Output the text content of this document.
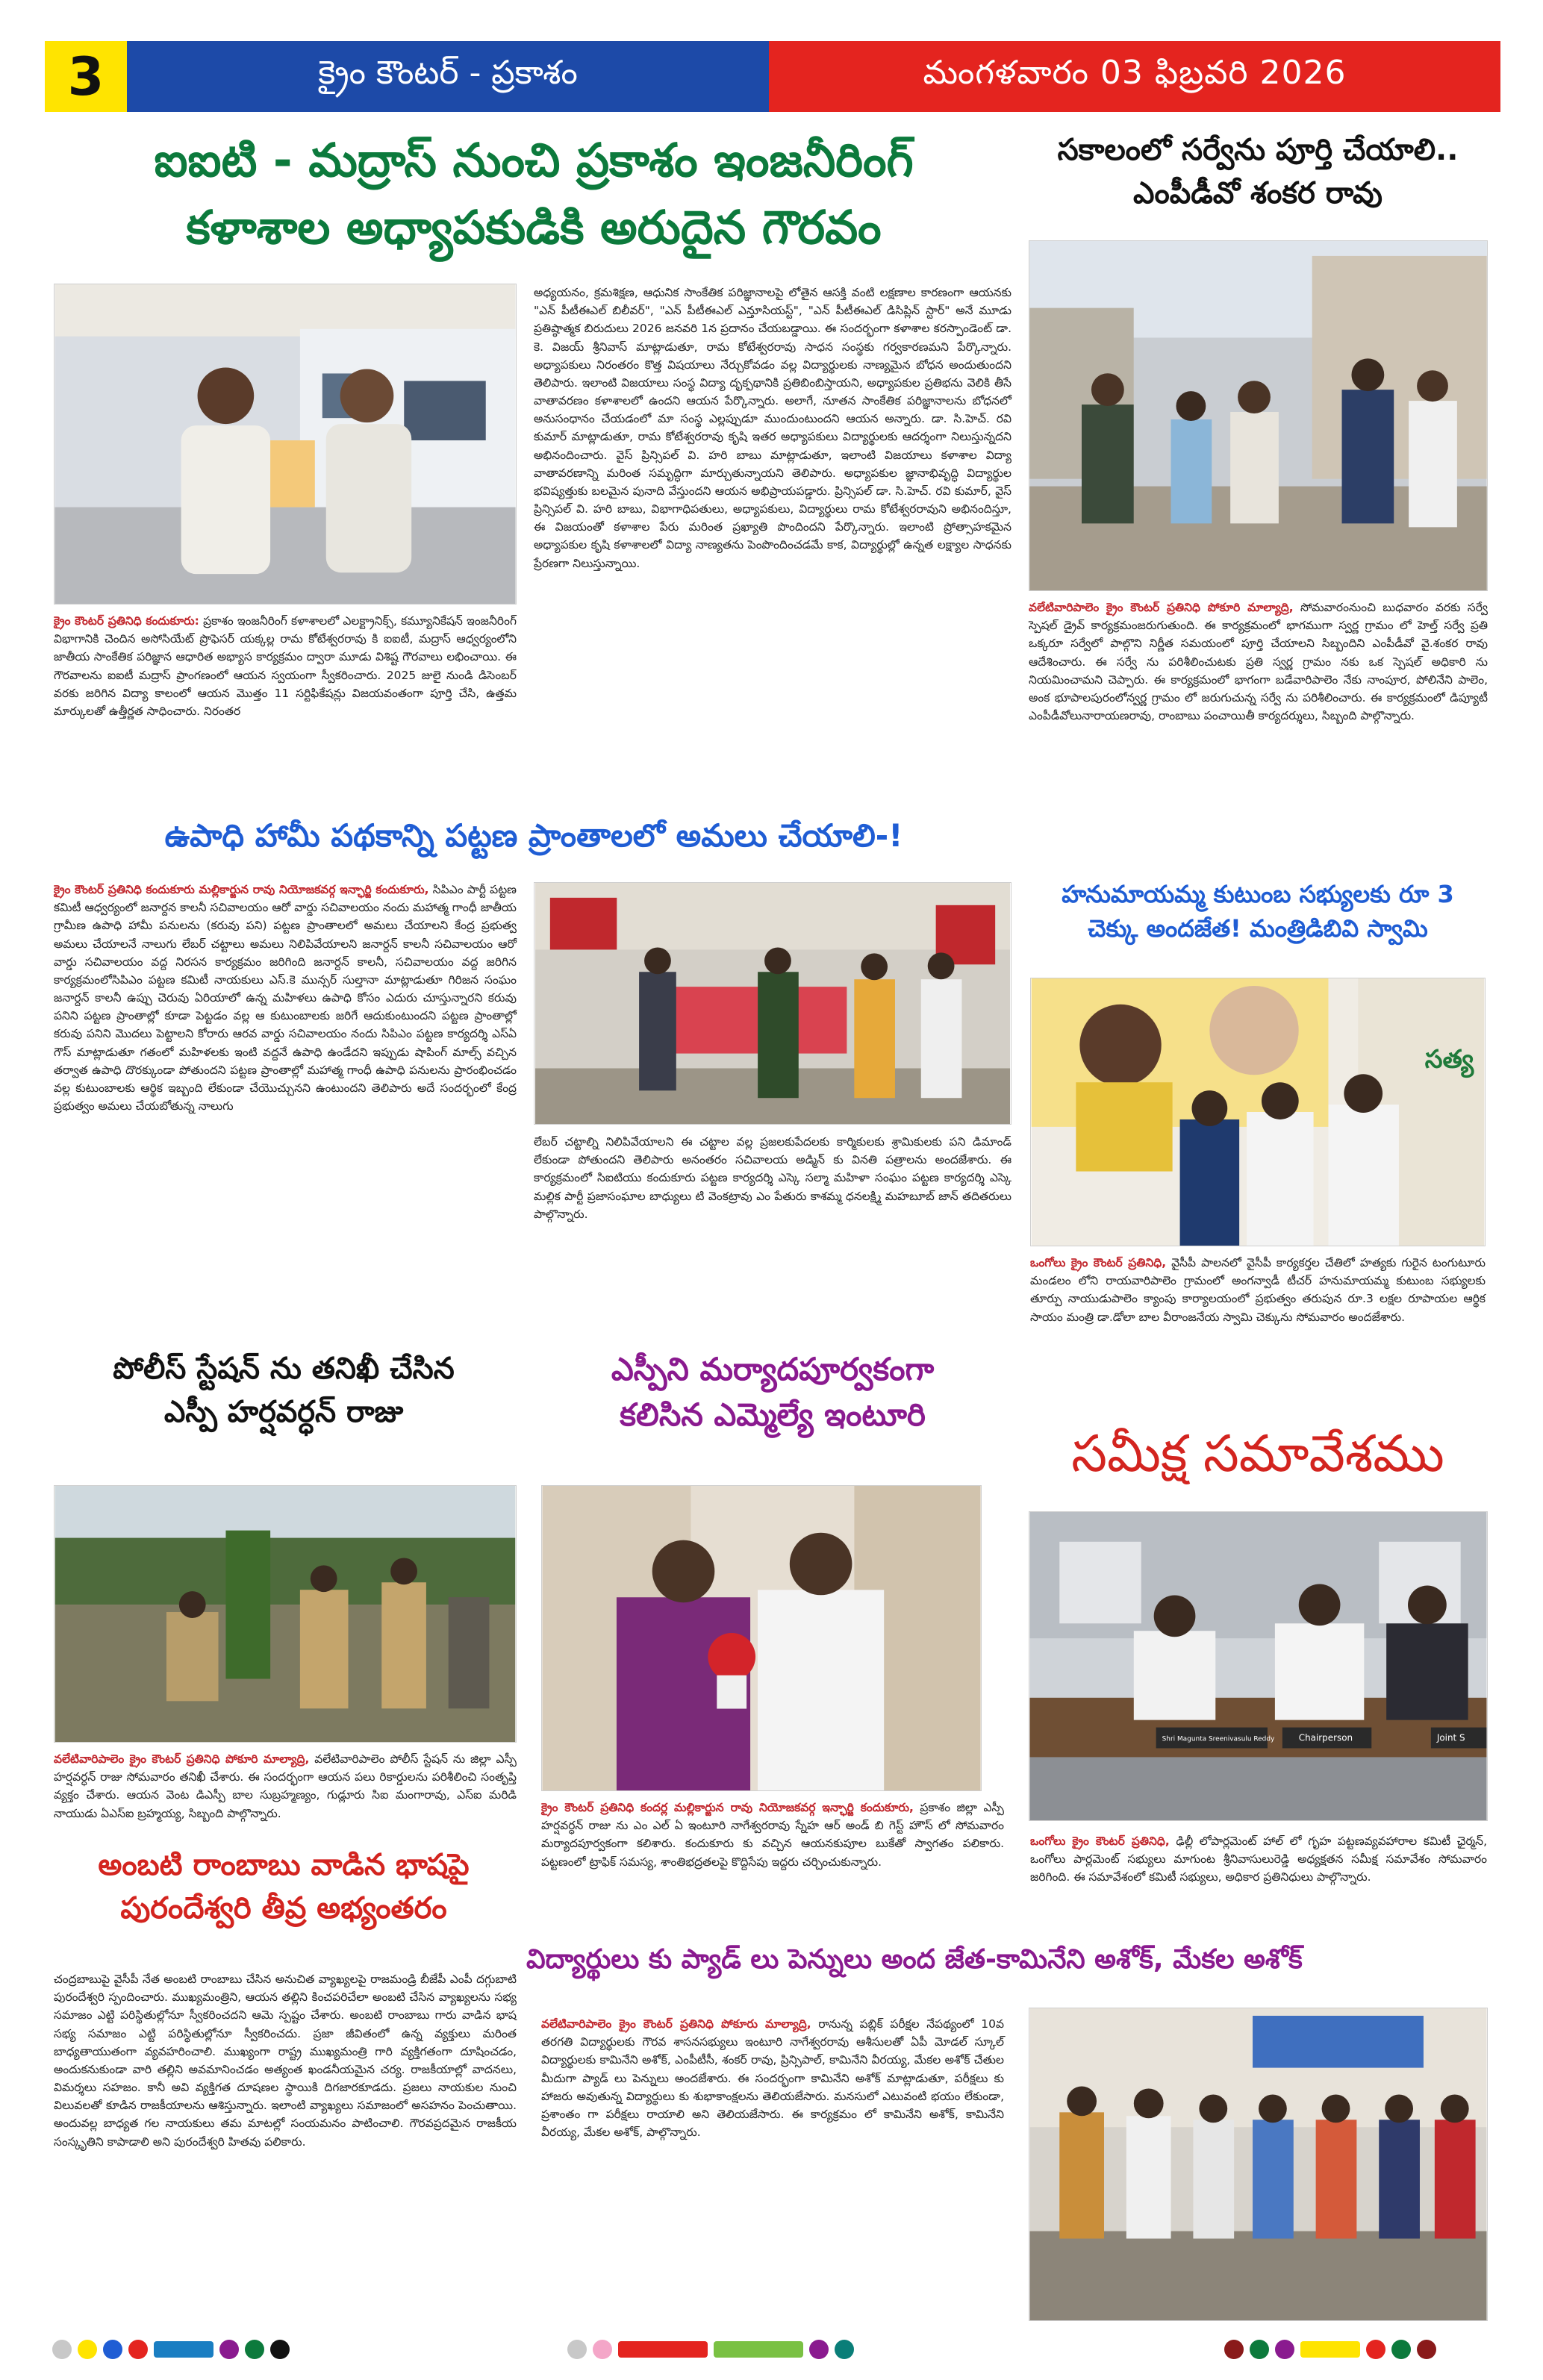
3	క్రైం కౌంటర్ - ప్రకాశం	మంగళవారం 03 ఫిబ్రవరి 2026
ఐఐటి - మద్రాస్ నుంచి ప్రకాశం ఇంజనీరింగ్
కళాశాల అధ్యాపకుడికి అరుదైన గౌరవం
క్రైం కౌంటర్ ప్రతినిధి కందుకూరు: ప్రకాశం ఇంజనీరింగ్ కళాశాలలో ఎలక్ట్రానిక్స్, కమ్యూనికేషన్ ఇంజనీరింగ్ విభాగానికి చెందిన అసోసియేట్ ప్రొఫెసర్ యక్కల్ల రామ కోటేశ్వరరావు కి ఐఐటీ, మద్రాస్ ఆధ్వర్యంలోని జాతీయ సాంకేతిక పరిజ్ఞాన ఆధారిత అభ్యాస కార్యక్రమం ద్వారా మూడు విశిష్ట గౌరవాలు లభించాయి. ఈ గౌరవాలను ఐఐటీ మద్రాస్ ప్రాంగణంలో ఆయన స్వయంగా స్వీకరించారు. 2025 జులై నుండి డిసెంబర్ వరకు జరిగిన విద్యా కాలంలో ఆయన మొత్తం 11 సర్టిఫికేషన్లు విజయవంతంగా పూర్తి చేసి, ఉత్తమ మార్కులతో ఉత్తీర్ణత సాధించారు. నిరంతర
అధ్యయనం, క్రమశిక్షణ, ఆధునిక సాంకేతిక పరిజ్ఞానాలపై లోతైన ఆసక్తి వంటి లక్షణాల కారణంగా ఆయనకు "ఎన్ పీటీఈఎల్ బిలీవర్", "ఎన్ పీటీఈఎల్ ఎన్తూసియస్ట్", "ఎన్ పీటీఈఎల్ డిసిప్లిన్ స్టార్" అనే మూడు ప్రతిష్ఠాత్మక బిరుదులు 2026 జనవరి 1న ప్రదానం చేయబడ్డాయి. ఈ సందర్భంగా కళాశాల కరస్పాండెంట్ డా. కె. విజయ్ శ్రీనివాస్ మాట్లాడుతూ, రామ కోటేశ్వరరావు సాధన సంస్థకు గర్వకారణమని పేర్కొన్నారు. అధ్యాపకులు నిరంతరం కొత్త విషయాలు నేర్చుకోవడం వల్ల విద్యార్థులకు నాణ్యమైన బోధన అందుతుందని తెలిపారు. ఇలాంటి విజయాలు సంస్థ విద్యా దృక్పథానికి ప్రతిబింబిస్తాయని, అధ్యాపకుల ప్రతిభను వెలికి తీసే వాతావరణం కళాశాలలో ఉందని ఆయన పేర్కొన్నారు. అలాగే, నూతన సాంకేతిక పరిజ్ఞానాలను బోధనలో అనుసంధానం చేయడంలో మా సంస్థ ఎల్లప్పుడూ ముందుంటుందని ఆయన అన్నారు. డా. సి.హెచ్. రవి కుమార్ మాట్లాడుతూ, రామ కోటేశ్వరరావు కృషి ఇతర అధ్యాపకులు విద్యార్థులకు ఆదర్శంగా నిలుస్తున్నదని అభినందించారు. వైస్ ప్రిన్సిపల్ వి. హరి బాబు మాట్లాడుతూ, ఇలాంటి విజయాలు కళాశాల విద్యా వాతావరణాన్ని మరింత సమృద్ధిగా మార్చుతున్నాయని తెలిపారు. అధ్యాపకుల జ్ఞానాభివృద్ధి విద్యార్థుల భవిష్యత్తుకు బలమైన పునాది వేస్తుందని ఆయన అభిప్రాయపడ్డారు. ప్రిన్సిపల్ డా. సి.హెచ్. రవి కుమార్, వైస్ ప్రిన్సిపల్ వి. హరి బాబు, విభాగాధిపతులు, అధ్యాపకులు, విద్యార్థులు రామ కోటేశ్వరరావుని అభినందిస్తూ, ఈ విజయంతో కళాశాల పేరు మరింత ప్రఖ్యాతి పొందిందని పేర్కొన్నారు. ఇలాంటి ప్రోత్సాహకమైన అధ్యాపకుల కృషి కళాశాలలో విద్యా నాణ్యతను పెంపొందించడమే కాక, విద్యార్థుల్లో ఉన్నత లక్ష్యాల సాధనకు ప్రేరణగా నిలుస్తున్నాయి.
సకాలంలో సర్వేను పూర్తి చేయాలి..
ఎంపీడీవో శంకర రావు
వలేటివారిపాలెం క్రైం కౌంటర్ ప్రతినిధి పోకూరి మాల్యాద్రి, సోమవారంనుంచి బుధవారం వరకు సర్వే స్పెషల్ డ్రైవ్ కార్యక్రమంజరుగుతుంది. ఈ కార్యక్రమంలో భాగముగా స్వర్ణ గ్రామం లో హెల్త్ సర్వే ప్రతి ఒక్కరూ సర్వేలో పాల్గొని నిర్ణీత సమయంలో పూర్తి చేయాలని సిబ్బందిని ఎంపీడీవో వై.శంకర రావు ఆదేశించారు. ఈ సర్వే ను పరిశీలించుటకు ప్రతి స్వర్ణ గ్రామం నకు ఒక స్పెషల్ అధికారి ను నియమించామని చెప్పారు. ఈ కార్యక్రమంలో భాగంగా బడేవారిపాలెం నేకు నాంపూర, పోలినేని పాలెం, అంక భూపాలపురంలోన్వర్ణ గ్రామం లో జరుగుచున్న సర్వే ను పరిశీలించారు. ఈ కార్యక్రమంలో డిప్యూటీ ఎంపీడీవోలునారాయణరావు, రాంబాబు పంచాయితీ కార్యదర్శులు, సిబ్బంది పాల్గొన్నారు.
ఉపాధి హామీ పథకాన్ని పట్టణ ప్రాంతాలలో అమలు చేయాలి-!
క్రైం కౌంటర్ ప్రతినిధి కందుకూరు మల్లికార్జున రావు నియోజకవర్గ ఇన్ఛార్జి కందుకూరు, సిపిఎం పార్టీ పట్టణ కమిటీ ఆధ్వర్యంలో జనార్దన కాలనీ సచివాలయం ఆరో వార్డు సచివాలయం నందు మహాత్మ గాంధీ జాతీయ గ్రామీణ ఉపాధి హామీ పనులను (కరువు పని) పట్టణ ప్రాంతాలలో అమలు చేయాలని కేంద్ర ప్రభుత్వ అమలు చేయాలనే నాలుగు లేబర్ చట్టాలు అమలు నిలిపివేయాలని జనార్దన్ కాలనీ సచివాలయం ఆరో వార్డు సచివాలయం వద్ద నిరసన కార్యక్రమం జరిగింది జనార్దన్ కాలనీ, సచివాలయం వద్ద జరిగిన కార్యక్రమంలోసిపిఎం పట్టణ కమిటీ నాయకులు ఎస్.కె మున్సర్ సుల్తానా మాట్లాడుతూ గిరిజన సంఘం జనార్దన్ కాలనీ ఉప్పు చెరువు ఏరియాలో ఉన్న మహిళలు ఉపాధి కోసం ఎదురు చూస్తున్నారని కరువు పనిని పట్టణ ప్రాంతాల్లో కూడా పెట్టడం వల్ల ఆ కుటుంబాలకు జరిగే ఆదుకుంటుందని పట్టణ ప్రాంతాల్లో కరువు పనిని మొదలు పెట్టాలని కోరారు ఆరవ వార్డు సచివాలయం నందు సిపిఎం పట్టణ కార్యదర్శి ఎస్ఏ గౌస్ మాట్లాడుతూ గతంలో మహిళలకు ఇంటి వద్దనే ఉపాధి ఉండేదని ఇప్పుడు షాపింగ్ మాల్స్ వచ్చిన తర్వాత ఉపాధి దొరక్కుండా పోతుందని పట్టణ ప్రాంతాల్లో మహాత్మ గాంధీ ఉపాధి పనులను ప్రారంభించడం వల్ల కుటుంబాలకు ఆర్థిక ఇబ్బంది లేకుండా చేయొచ్చునని ఉంటుందని తెలిపారు అదే సందర్భంలో కేంద్ర ప్రభుత్వం అమలు చేయబోతున్న నాలుగు
లేబర్ చట్టాల్ని నిలిపివేయాలని ఈ చట్టాల వల్ల ప్రజలకుపేదలకు కార్మికులకు శ్రామికులకు పని డిమాండ్ లేకుండా పోతుందని తెలిపారు అనంతరం సచివాలయ అడ్మిన్ కు వినతి పత్రాలను అందజేశారు. ఈ కార్యక్రమంలో సిఐటియు కందుకూరు పట్టణ కార్యదర్శి ఎస్కె సల్మా మహిళా సంఘం పట్టణ కార్యదర్శి ఎస్కె మల్లిక పార్టీ ప్రజాసంఘాల బాధ్యులు టి వెంకట్రావు ఎం పేతురు కాశమ్మ ధనలక్ష్మి మహబూబ్ జాన్ తదితరులు పాల్గొన్నారు.
హనుమాయమ్మ కుటుంబ సభ్యులకు రూ 3
చెక్కు అందజేత! మంత్రిడిబివి స్వామి
సత్య
ఒంగోలు క్రైం కౌంటర్ ప్రతినిధి, వైసీపీ పాలనలో వైసీపీ కార్యకర్తల చేతిలో హత్యకు గురైన టంగుటూరు మండలం లోని రాయవారిపాలెం గ్రామంలో అంగన్వాడీ టీచర్ హనుమాయమ్మ కుటుంబ సభ్యులకు తూర్పు నాయుడుపాలెం క్యాంపు కార్యాలయంలో ప్రభుత్వం తరుపున రూ.3 లక్షల రూపాయల ఆర్థిక సాయం మంత్రి డా.డోలా బాల వీరాంజనేయ స్వామి చెక్కును సోమవారం అందజేశారు.
పోలీస్ స్టేషన్ ను తనిఖీ చేసిన
ఎస్పీ హర్షవర్ధన్ రాజు
వలేటివారిపాలెం క్రైం కౌంటర్ ప్రతినిధి పోకూరి మాల్యాద్రి, వలేటివారిపాలెం పోలీస్ స్టేషన్ ను జిల్లా ఎస్పీ హర్షవర్ధన్ రాజు సోమవారం తనిఖీ చేశారు. ఈ సందర్భంగా ఆయన పలు రికార్డులను పరిశీలించి సంతృప్తి వ్యక్తం చేశారు. ఆయన వెంట డిఎస్పీ బాల సుబ్రహ్మణ్యం, గుడ్లూరు సిఐ మంగారావు, ఎస్ఐ మరిడి నాయుడు ఏఎస్ఐ బ్రహ్మయ్య, సిబ్బంది పాల్గొన్నారు.
ఎస్పీని మర్యాదపూర్వకంగా
కలిసిన ఎమ్మెల్యే ఇంటూరి
క్రైం కౌంటర్ ప్రతినిధి కందర్ల మల్లికార్జున రావు నియోజకవర్గ ఇన్ఛార్జి కందుకూరు, ప్రకాశం జిల్లా ఎస్పీ హర్షవర్ధన్ రాజు ను ఎం ఎల్ ఏ ఇంటూరి నాగేశ్వరరావు స్నేహ ఆర్ అండ్ బి గెస్ట్ హౌస్ లో సోమవారం మర్యాదపూర్వకంగా కలిశారు. కందుకూరు కు వచ్చిన ఆయనకుపూల బుకేతో స్వాగతం పలికారు. పట్టణంలో ట్రాఫిక్ సమస్య, శాంతిభద్రతలపై కొద్దిసేపు ఇద్దరు చర్చించుకున్నారు.
సమీక్ష సమావేశము
Shri Magunta Sreenivasulu Reddy	Chairperson	Joint S
ఒంగోలు క్రైం కౌంటర్ ప్రతినిధి, ఢిల్లీ లోపార్లమెంట్ హాల్ లో గృహ పట్టణవ్యవహారాల కమిటీ ఛైర్మన్, ఒంగోలు పార్లమెంట్ సభ్యులు మాగుంట శ్రీనివాసులురెడ్డి అధ్యక్షతన సమీక్ష సమావేశం సోమవారం జరిగింది. ఈ సమావేశంలో కమిటీ సభ్యులు, అధికార ప్రతినిధులు పాల్గొన్నారు.
అంబటి రాంబాబు వాడిన భాషపై
పురందేశ్వరి తీవ్ర అభ్యంతరం
చంద్రబాబుపై వైసీపీ నేత అంబటి రాంబాబు చేసిన అనుచిత వ్యాఖ్యలపై రాజమండ్రి బీజేపీ ఎంపీ దగ్గుబాటి పురందేశ్వరి స్పందించారు. ముఖ్యమంత్రిని, ఆయన తల్లిని కించపరిచేలా అంబటి చేసిన వ్యాఖ్యలను సభ్య సమాజం ఎట్టి పరిస్థితుల్లోనూ స్వీకరించదని ఆమె స్పష్టం చేశారు. అంబటి రాంబాబు గారు వాడిన భాష సభ్య సమాజం ఎట్టి పరిస్థితుల్లోనూ స్వీకరించదు. ప్రజా జీవితంలో ఉన్న వ్యక్తులు మరింత బాధ్యతాయుతంగా వ్యవహరించాలి. ముఖ్యంగా రాష్ట్ర ముఖ్యమంత్రి గారి వ్యక్తిగతంగా దూషించడం, అందుకనుకుండా వారి తల్లిని అవమానించడం అత్యంత ఖండనీయమైన చర్య. రాజకీయాల్లో వాదనలు, విమర్శలు సహజం. కానీ అవి వ్యక్తిగత దూషణల స్థాయికి దిగజారకూడదు. ప్రజలు నాయకుల నుంచి విలువలతో కూడిన రాజకీయాలను ఆశిస్తున్నారు. ఇలాంటి వ్యాఖ్యలు సమాజంలో అసహనం పెంచుతాయి. అందువల్ల బాధ్యత గల నాయకులు తమ మాటల్లో సంయమనం పాటించాలి. గౌరవప్రదమైన రాజకీయ సంస్కృతిని కాపాడాలి అని పురందేశ్వరి హితవు పలికారు.
విద్యార్థులు కు ప్యాడ్ లు పెన్నులు అంద జేత-కామినేని అశోక్, మేకల అశోక్
వలేటివారిపాలెం క్రైం కౌంటర్ ప్రతినిధి పోకూరు మాల్యాద్రి, రానున్న పబ్లిక్ పరీక్షల నేపథ్యంలో 10వ తరగతి విద్యార్థులకు గౌరవ శాసనసభ్యులు ఇంటూరి నాగేశ్వరరావు ఆశీసులతో ఏపీ మోడల్ స్కూల్ విద్యార్థులకు కామినేని అశోక్, ఎంపీటీసీ, శంకర్ రావు, ప్రిన్సిపాల్, కామినేని వీరయ్య, మేకల అశోక్ చేతుల మీదుగా ప్యాడ్ లు పెన్నులు అందజేశారు. ఈ సందర్భంగా కామినేని అశోక్ మాట్లాడుతూ, పరీక్షలు కు హాజరు అవుతున్న విద్యార్థులు కు శుభాకాంక్షలను తెలియజేసారు. మనసులో ఎటువంటి భయం లేకుండా, ప్రశాంతం గా పరీక్షలు రాయాలి అని తెలియజేసారు. ఈ కార్యక్రమం లో కామినేని అశోక్, కామినేని వీరయ్య, మేకల అశోక్, పాల్గొన్నారు.
